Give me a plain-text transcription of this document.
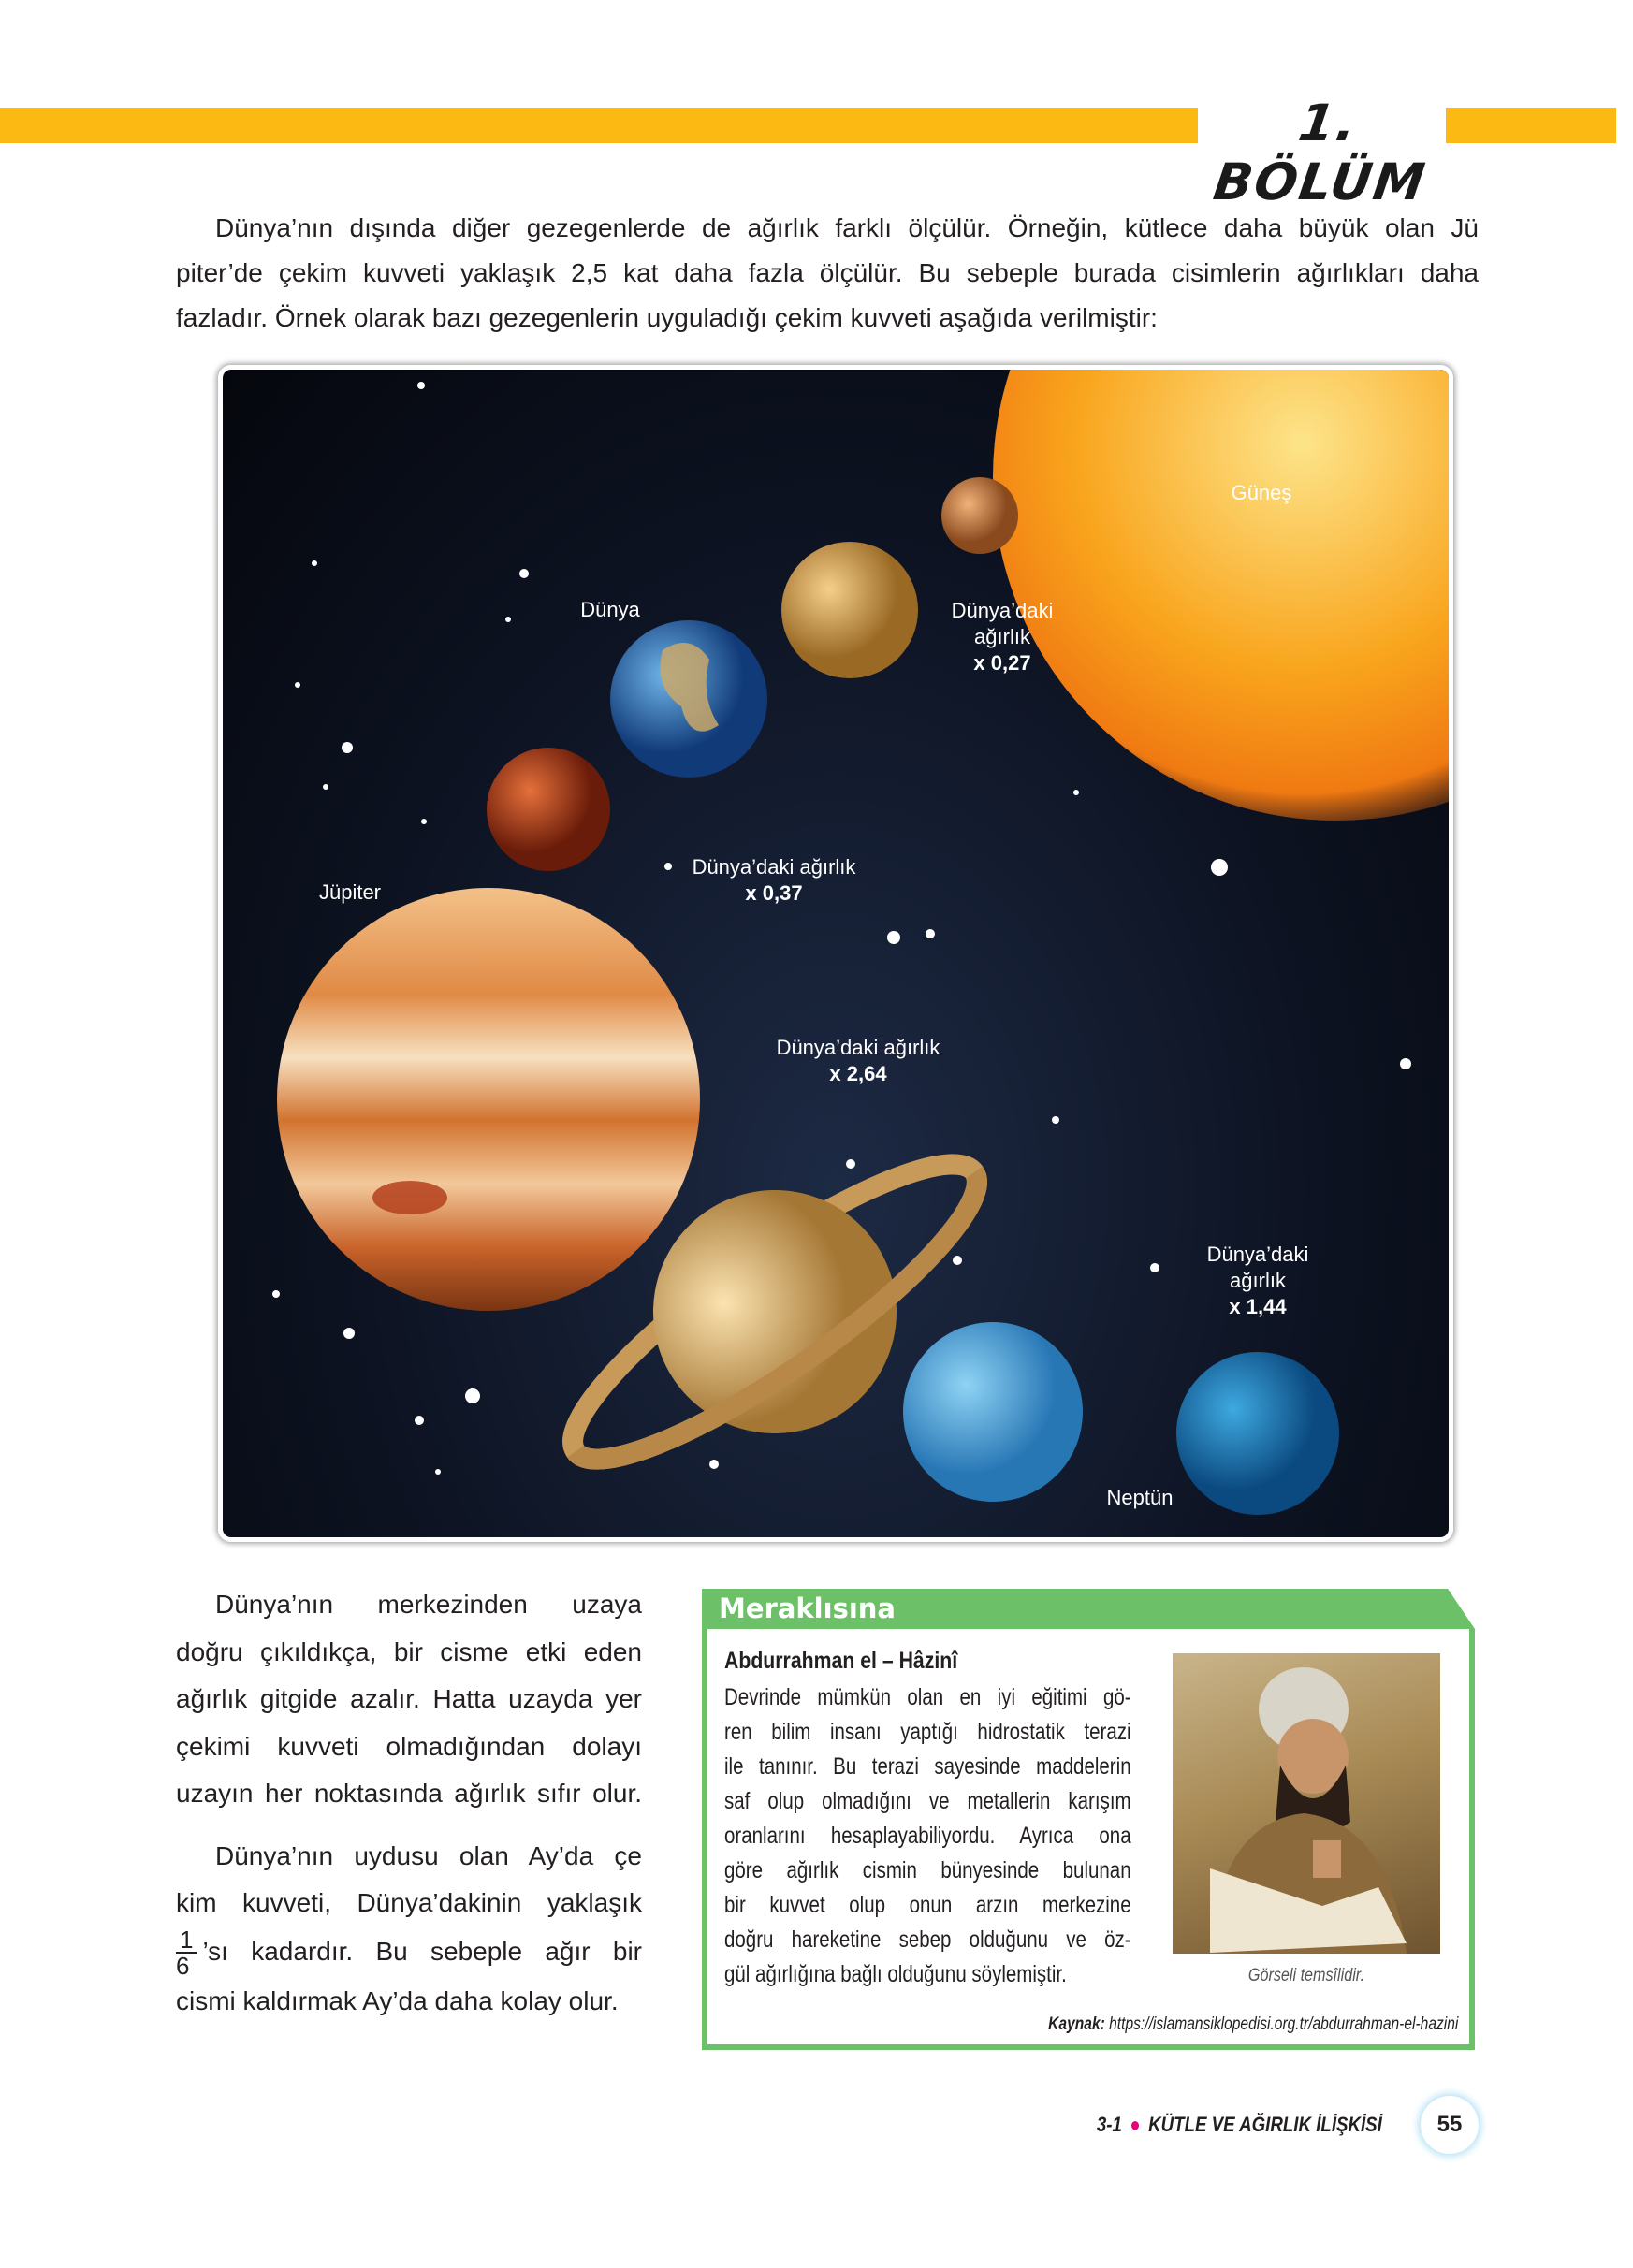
1. BÖLÜM
Dünya’nın dışında diğer gezegenlerde de ağırlık farklı ölçülür. Örneğin, kütlece daha büyük olan Jü
piter’de çekim kuvveti yaklaşık 2,5 kat daha fazla ölçülür. Bu sebeple burada cisimlerin ağırlıkları daha
fazladır. Örnek olarak bazı gezegenlerin uyguladığı çekim kuvveti aşağıda verilmiştir:
Güneş
Dünya	Dünya’daki
ağırlık
x 0,27
Dünya’daki ağırlık
x 0,37
Jüpiter
Dünya’daki ağırlık
x 2,64
Dünya’daki
ağırlık
x 1,44
Neptün
Dünya’nın merkezinden uzaya
doğru çıkıldıkça, bir cisme etki eden
ağırlık gitgide azalır. Hatta uzayda yer
çekimi kuvveti olmadığından dolayı
uzayın her noktasında ağırlık sıfır olur.
Dünya’nın uydusu olan Ay’da çe
kim kuvveti, Dünya’dakinin yaklaşık
$\frac{1}{6}$ ’sı kadardır. Bu sebeple ağır bir
cismi kaldırmak Ay’da daha kolay olur.
Meraklısına
Abdurrahman el – Hâzinî
Devrinde mümkün olan en iyi eğitimi gö-
ren bilim insanı yaptığı hidrostatik terazi
ile tanınır. Bu terazi sayesinde maddelerin
saf olup olmadığını ve metallerin karışım
oranlarını hesaplayabiliyordu. Ayrıca ona
göre ağırlık cismin bünyesinde bulunan
bir kuvvet olup onun arzın merkezine
doğru hareketine sebep olduğunu ve öz-
gül ağırlığına bağlı olduğunu söylemiştir.	Görseli temsîlidir.
Kaynak: https://islamansiklopedisi.org.tr/abdurrahman-el-hazini
3-1 ● KÜTLE VE AĞIRLIK İLİŞKİSİ	55
